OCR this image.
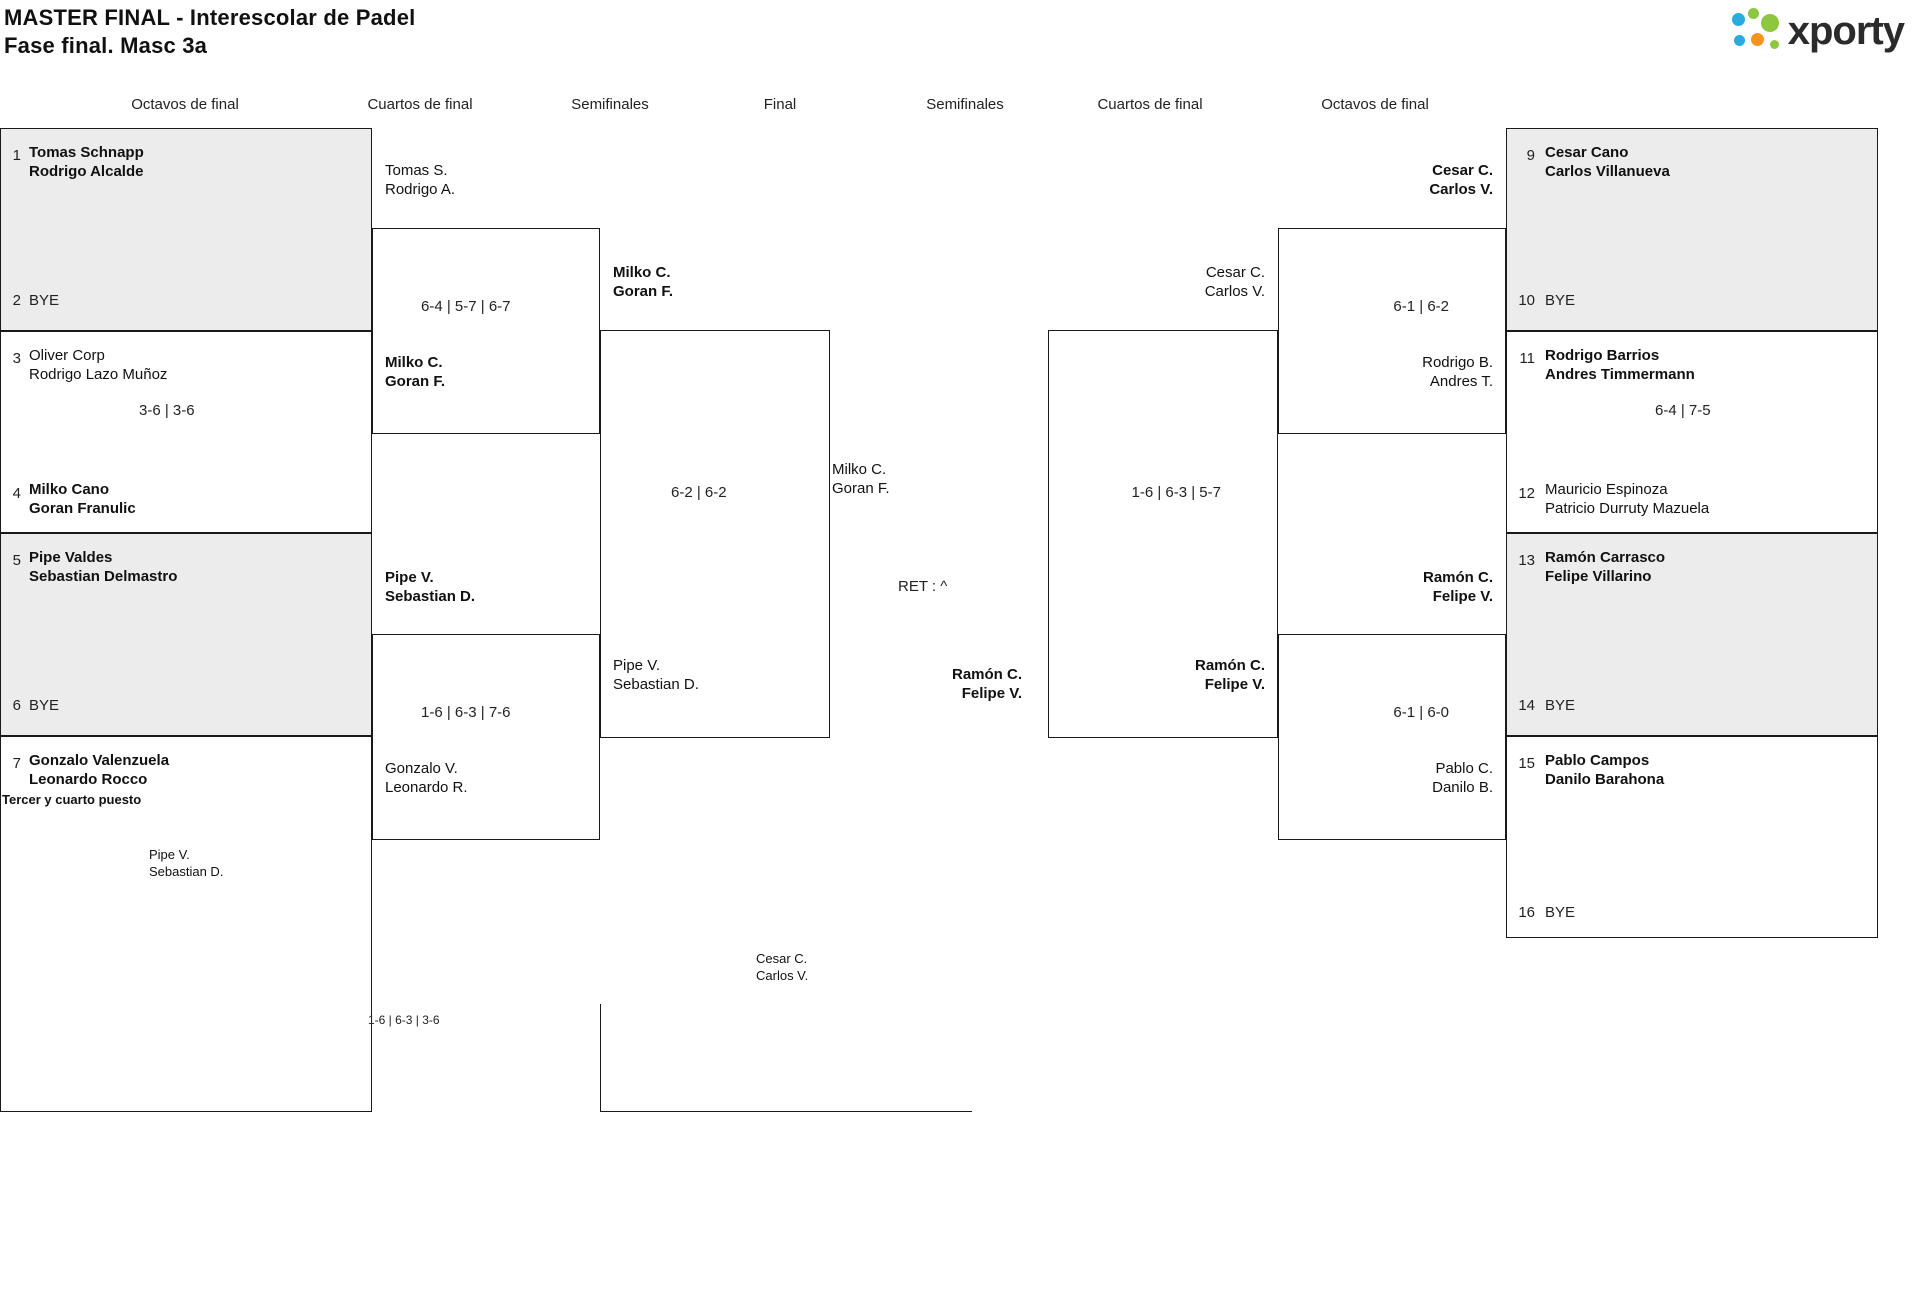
MASTER FINAL - Interescolar de Padel
Fase final. Masc 3a	xporty
Octavos de final	Cuartos de final	Semifinales	Final	Semifinales	Cuartos de final	Octavos de final
1 Tomas Schnapp
Rodrigo Alcalde
2 BYE
3 Oliver Corp
Rodrigo Lazo Muñoz
3-6 | 3-6
4 Milko Cano
Goran Franulic
5 Pipe Valdes
Sebastian Delmastro
6 BYE
7 Gonzalo Valenzuela
Leonardo Rocco
Tomas S.
Rodrigo A.
6-4 | 5-7 | 6-7
Milko C.
Goran F.
Pipe V.
Sebastian D.
1-6 | 6-3 | 7-6
Gonzalo V.
Leonardo R.
Milko C.
Goran F.
6-2 | 6-2
Pipe V.
Sebastian D.
Milko C.
Goran F.
RET : ^
Ramón C.
Felipe V.
Cesar C.
Carlos V.
1-6 | 6-3 | 5-7
Ramón C.
Felipe V.
Cesar C.
Carlos V.
6-1 | 6-2
Rodrigo B.
Andres T.
Ramón C.
Felipe V.
6-1 | 6-0
Pablo C.
Danilo B.
9 Cesar Cano
Carlos Villanueva
10 BYE
11 Rodrigo Barrios
Andres Timmermann
6-4 | 7-5
12 Mauricio Espinoza
Patricio Durruty Mazuela
13 Ramón Carrasco
Felipe Villarino
14 BYE
15 Pablo Campos
Danilo Barahona
16 BYE
Tercer y cuarto puesto
Pipe V.
Sebastian D.
1-6 | 6-3 | 3-6
Cesar C.
Carlos V.
